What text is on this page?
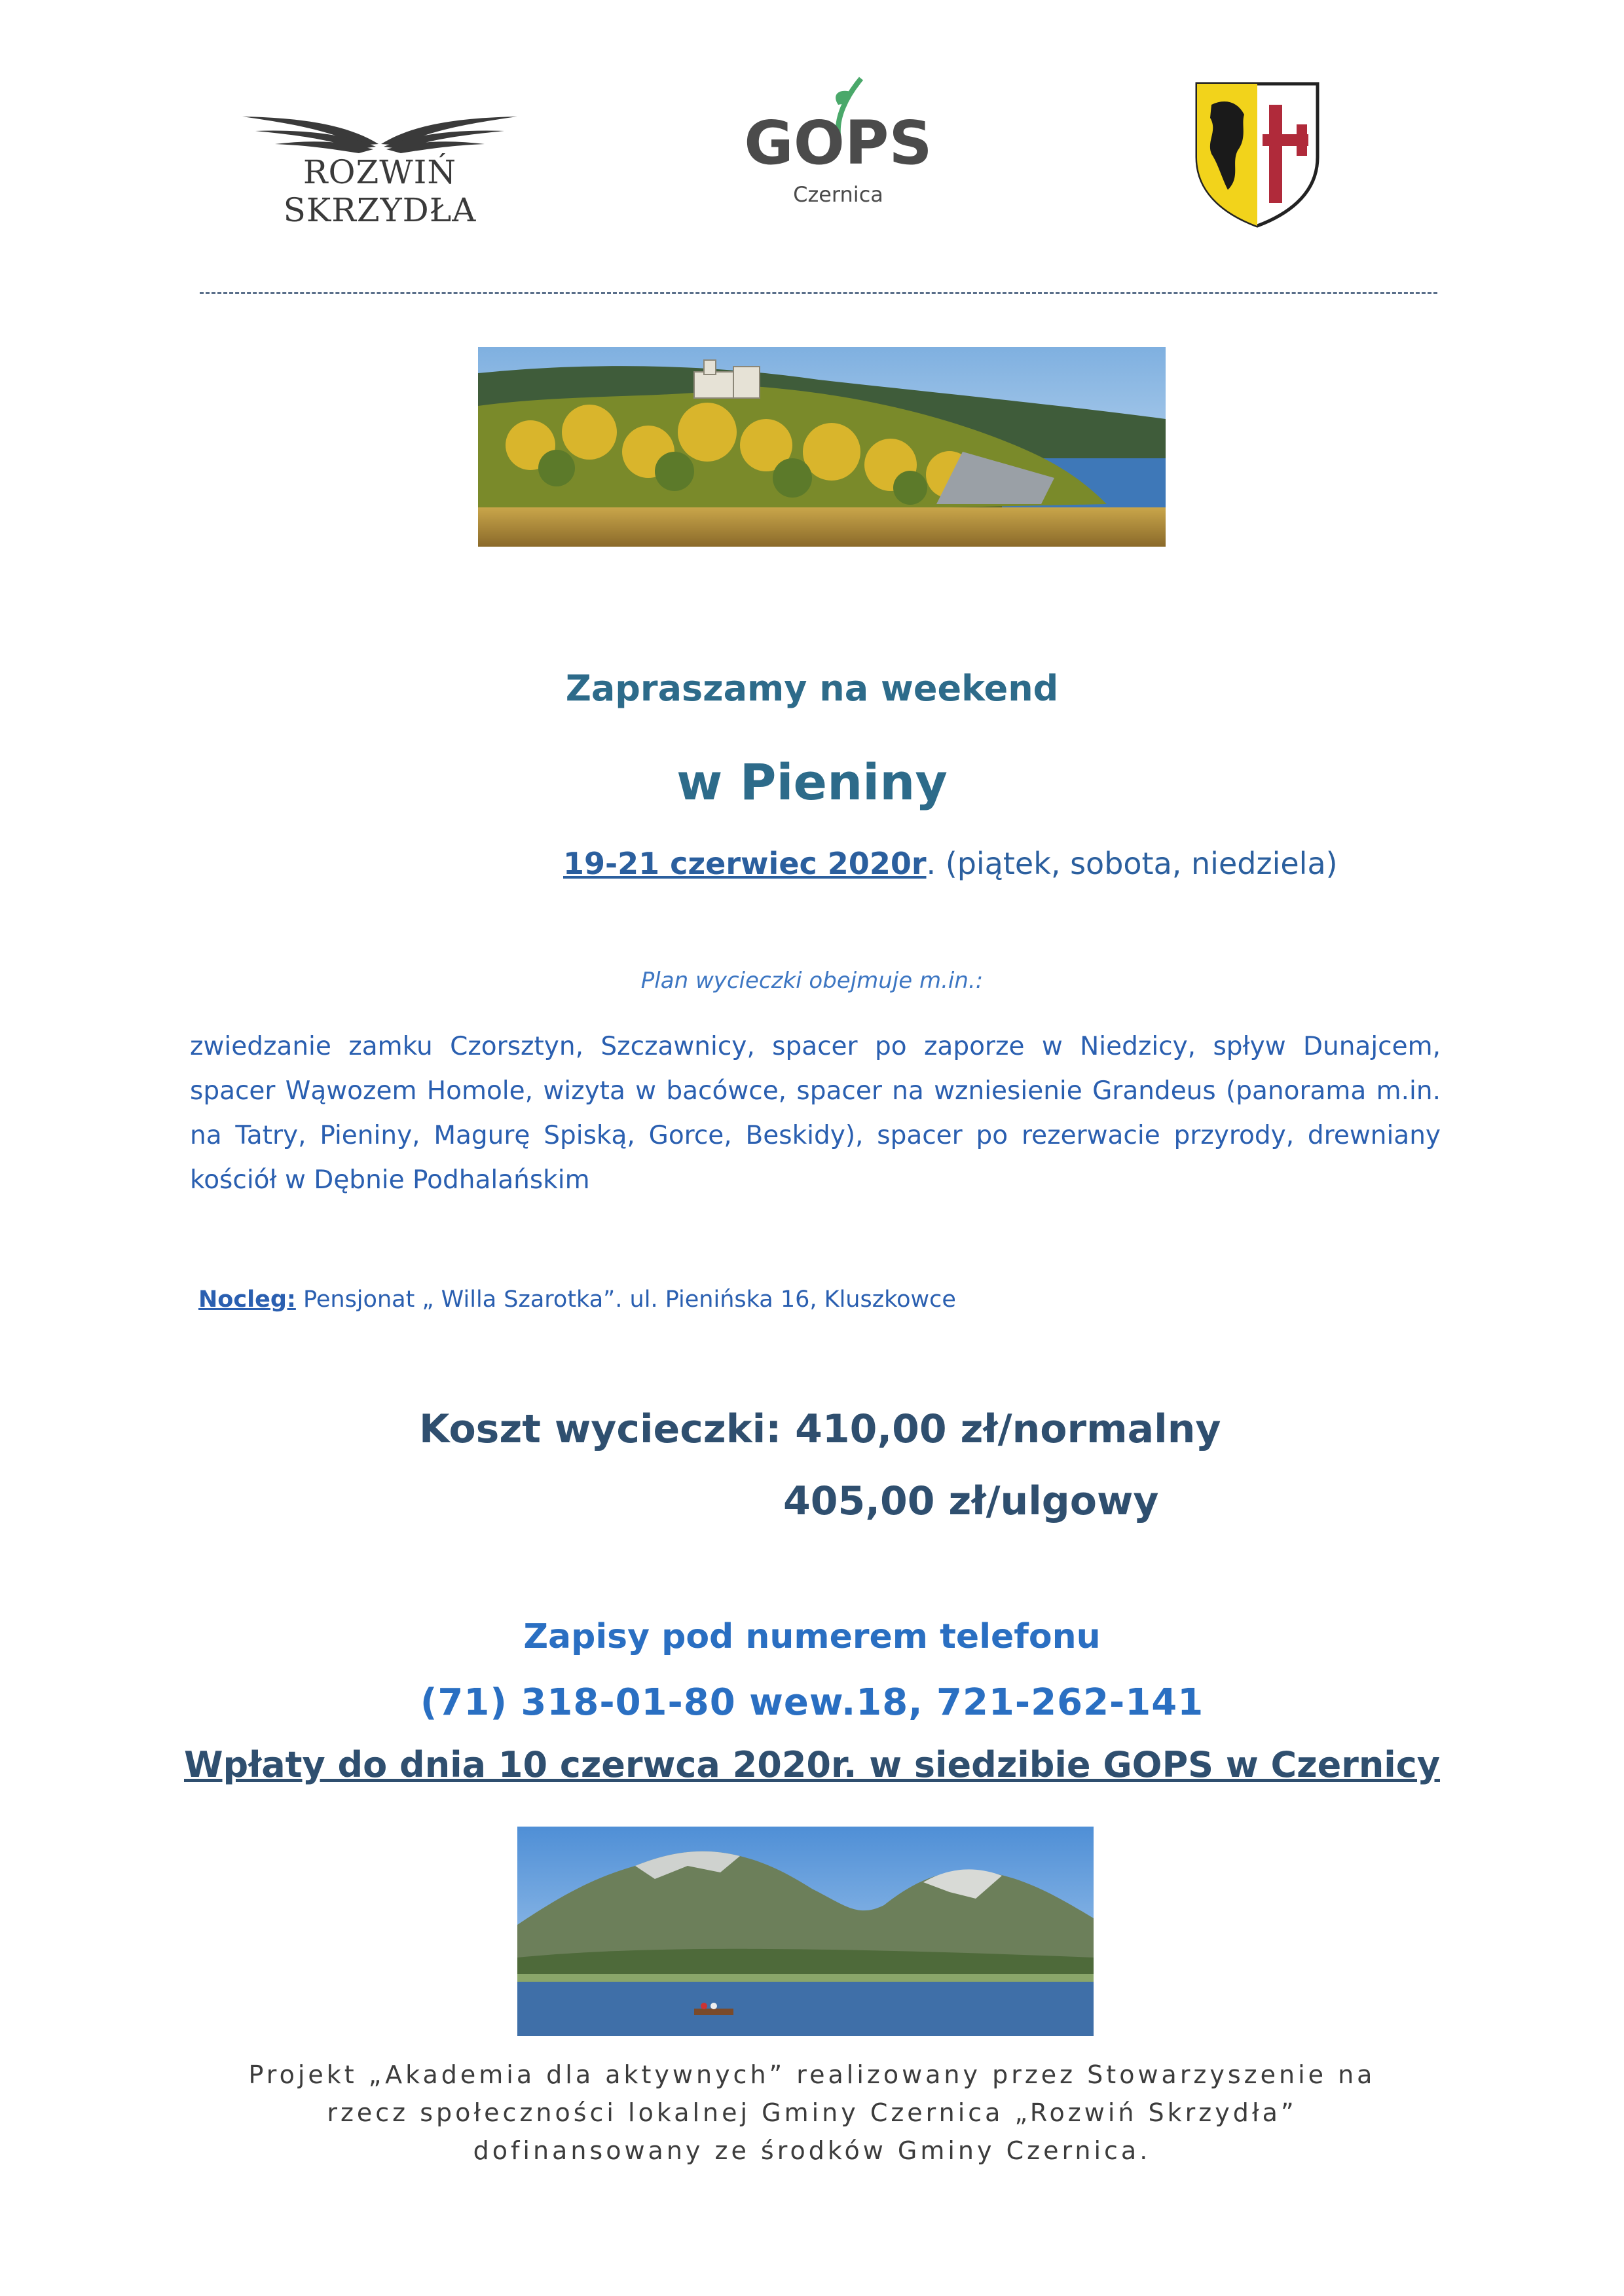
ROZWIŃ SKRZYDŁA
GOPS
Czernica
Zapraszamy na weekend
w Pieniny
19-21 czerwiec 2020r. (piątek, sobota, niedziela)
Plan wycieczki obejmuje m.in.:
zwiedzanie zamku Czorsztyn, Szczawnicy, spacer po zaporze w Niedzicy, spływ Dunajcem, spacer Wąwozem Homole, wizyta w bacówce, spacer na wzniesienie Grandeus (panorama m.in. na Tatry, Pieniny, Magurę Spiską, Gorce, Beskidy), spacer po rezerwacie przyrody, drewniany kościół w Dębnie Podhalańskim
Nocleg: Pensjonat „ Willa Szarotka”. ul. Pienińska 16, Kluszkowce
Koszt wycieczki: 410,00 zł/normalny
405,00 zł/ulgowy
Zapisy pod numerem telefonu
(71) 318-01-80 wew.18, 721-262-141
Wpłaty do dnia 10 czerwca 2020r. w siedzibie GOPS w Czernicy
Projekt „Akademia dla aktywnych” realizowany przez Stowarzyszenie na
rzecz społeczności lokalnej Gminy Czernica „Rozwiń Skrzydła”
dofinansowany ze środków Gminy Czernica.
